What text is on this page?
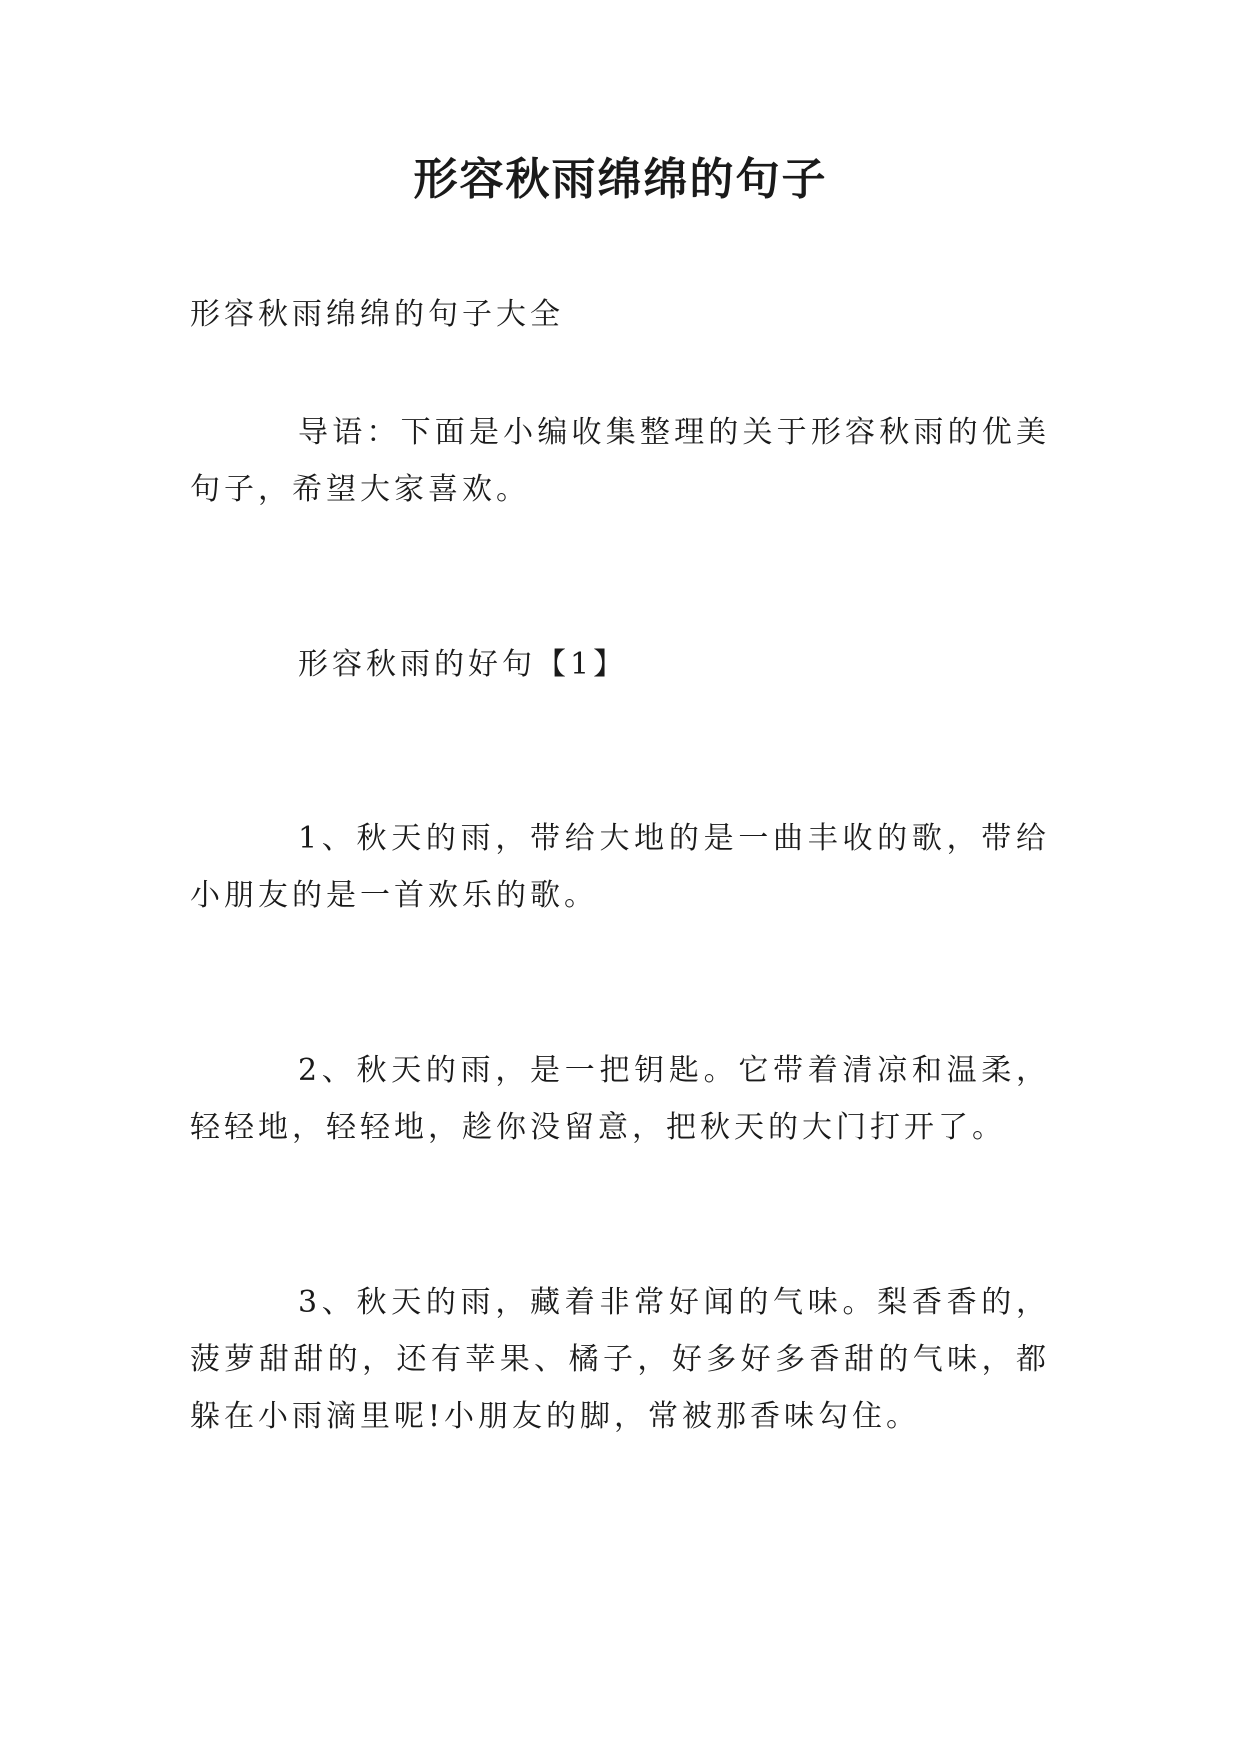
形容秋雨绵绵的句子

形容秋雨绵绵的句子大全

导语：下面是小编收集整理的关于形容秋雨的优美句子，希望大家喜欢。

形容秋雨的好句【1】

1、秋天的雨，带给大地的是一曲丰收的歌，带给小朋友的是一首欢乐的歌。

2、秋天的雨，是一把钥匙。它带着清凉和温柔，轻轻地，轻轻地，趁你没留意，把秋天的大门打开了。

3、秋天的雨，藏着非常好闻的气味。梨香香的，菠萝甜甜的，还有苹果、橘子，好多好多香甜的气味，都躲在小雨滴里呢!小朋友的脚，常被那香味勾住。
